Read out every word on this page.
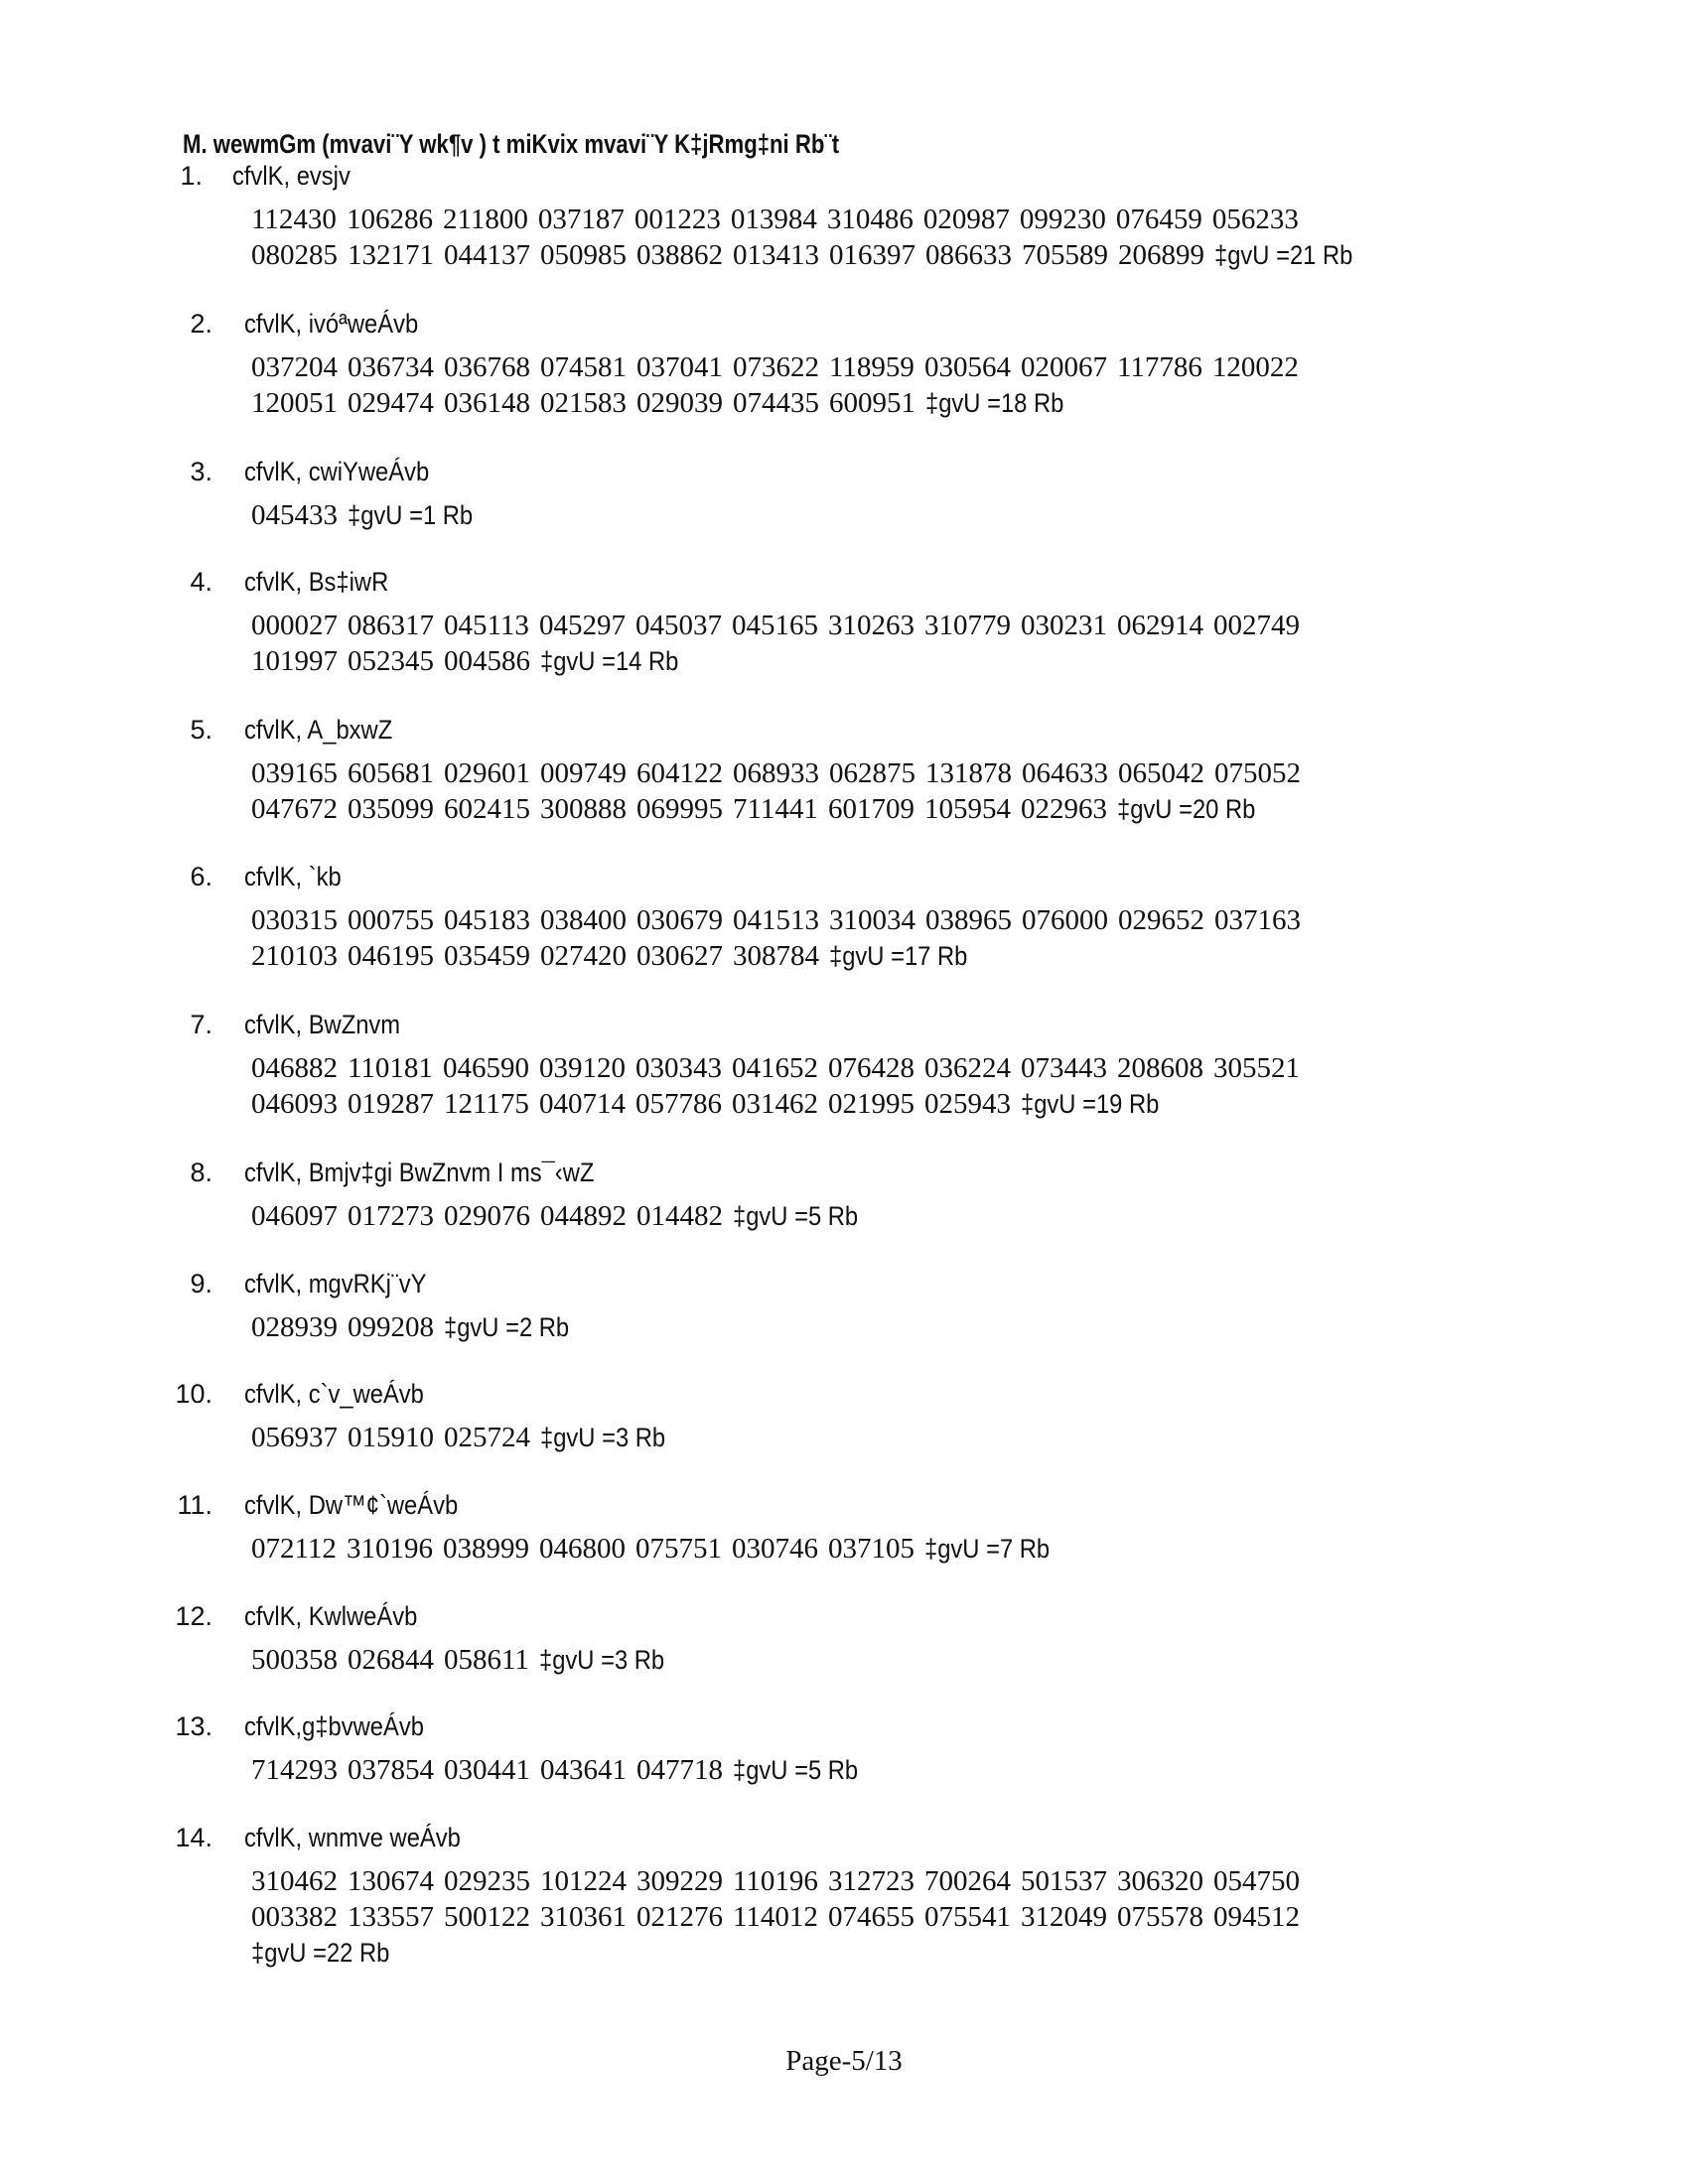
M. wewmGm (mvavi¨Y wk¶v ) t miKvix mvavi¨Y K‡jRmg‡ni Rb¨t
1. cfvlK, evsjv
112430 106286 211800 037187 001223 013984 310486 020987 099230 076459 056233
080285 132171 044137 050985 038862 013413 016397 086633 705589 206899 ‡gvU =21 Rb
2. cfvlK, ivóªweÁvb
037204 036734 036768 074581 037041 073622 118959 030564 020067 117786 120022
120051 029474 036148 021583 029039 074435 600951 ‡gvU =18 Rb
3. cfvlK, cwiYweÁvb
045433 ‡gvU =1 Rb
4. cfvlK, Bs‡iwR
000027 086317 045113 045297 045037 045165 310263 310779 030231 062914 002749
101997 052345 004586 ‡gvU =14 Rb
5. cfvlK, A_bxwZ
039165 605681 029601 009749 604122 068933 062875 131878 064633 065042 075052
047672 035099 602415 300888 069995 711441 601709 105954 022963 ‡gvU =20 Rb
6. cfvlK, `kb
030315 000755 045183 038400 030679 041513 310034 038965 076000 029652 037163
210103 046195 035459 027420 030627 308784 ‡gvU =17 Rb
7. cfvlK, BwZnvm
046882 110181 046590 039120 030343 041652 076428 036224 073443 208608 305521
046093 019287 121175 040714 057786 031462 021995 025943 ‡gvU =19 Rb
8. cfvlK, Bmjv‡gi BwZnvm I ms¯‹wZ
046097 017273 029076 044892 014482 ‡gvU =5 Rb
9. cfvlK, mgvRKj¨vY
028939 099208 ‡gvU =2 Rb
10. cfvlK, c`v_weÁvb
056937 015910 025724 ‡gvU =3 Rb
11. cfvlK, Dw™¢`weÁvb
072112 310196 038999 046800 075751 030746 037105 ‡gvU =7 Rb
12. cfvlK, KwlweÁvb
500358 026844 058611 ‡gvU =3 Rb
13. cfvlK,g‡bvweÁvb
714293 037854 030441 043641 047718 ‡gvU =5 Rb
14. cfvlK, wnmve weÁvb
310462 130674 029235 101224 309229 110196 312723 700264 501537 306320 054750
003382 133557 500122 310361 021276 114012 074655 075541 312049 075578 094512
‡gvU =22 Rb
Page-5/13
